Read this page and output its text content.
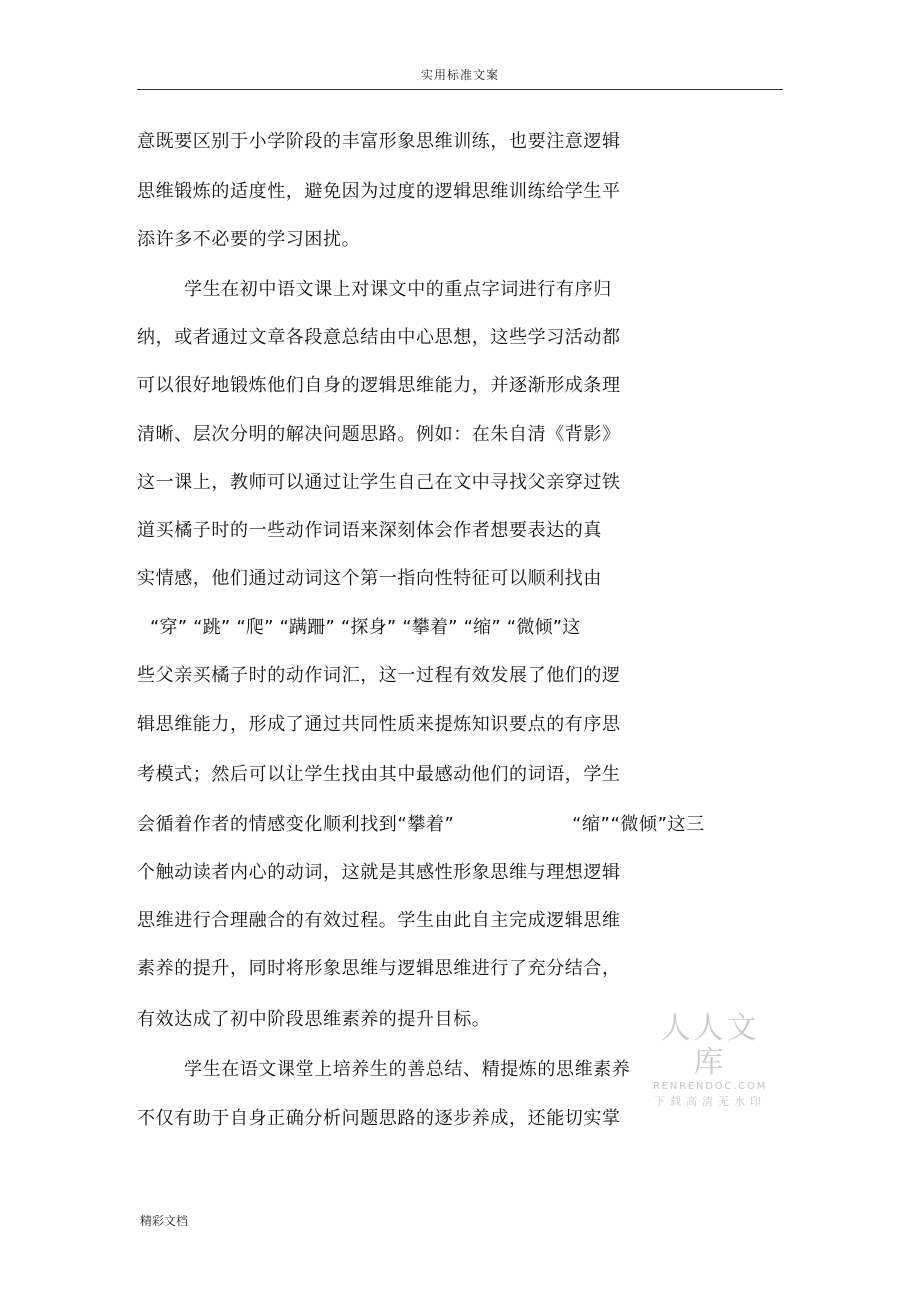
实用标准文案
意既要区别于小学阶段的丰富形象思维训练，也要注意逻辑
思维锻炼的适度性，避免因为过度的逻辑思维训练给学生平
添许多不必要的学习困扰。
学生在初中语文课上对课文中的重点字词进行有序归
纳，或者通过文章各段意总结由中心思想，这些学习活动都
可以很好地锻炼他们自身的逻辑思维能力，并逐渐形成条理
清晰、层次分明的解决问题思路。例如：在朱自清《背影》
这一课上，教师可以通过让学生自己在文中寻找父亲穿过铁
道买橘子时的一些动作词语来深刻体会作者想要表达的真
实情感，他们通过动词这个第一指向性特征可以顺利找由
“穿” “跳” “爬” “蹒跚” “探身” “攀着” “缩” “微倾”这
些父亲买橘子时的动作词汇，这一过程有效发展了他们的逻
辑思维能力，形成了通过共同性质来提炼知识要点的有序思
考模式；然后可以让学生找由其中最感动他们的词语，学生
会循着作者的情感变化顺利找到“攀着”	“缩”“微倾”这三
个触动读者内心的动词，这就是其感性形象思维与理想逻辑
思维进行合理融合的有效过程。学生由此自主完成逻辑思维
素养的提升，同时将形象思维与逻辑思维进行了充分结合，
有效达成了初中阶段思维素养的提升目标。
学生在语文课堂上培养生的善总结、精提炼的思维素养
不仅有助于自身正确分析问题思路的逐步养成，还能切实掌
人人文库
RENRENDOC.COM
下载高清无水印
精彩文档
